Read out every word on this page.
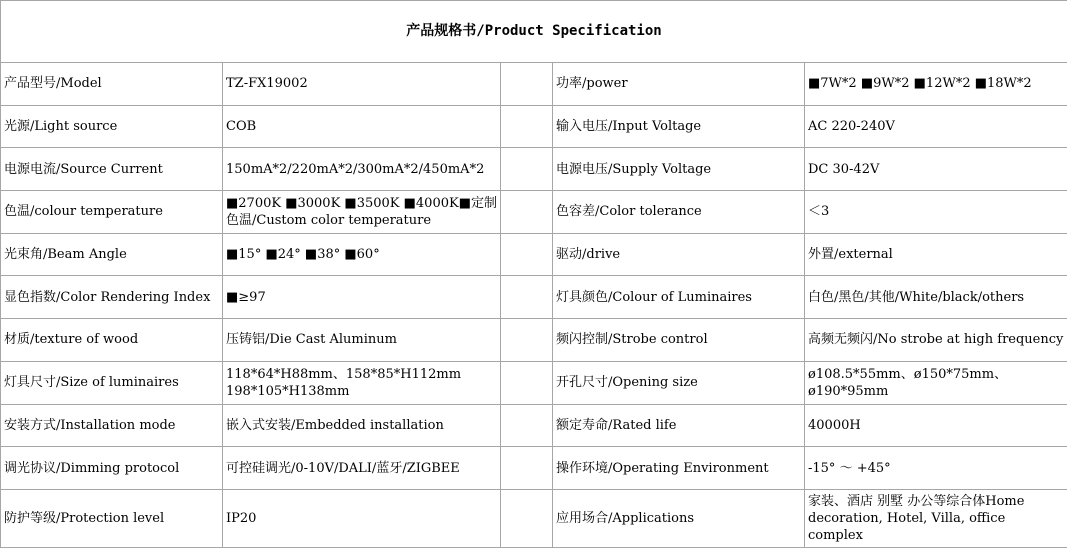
产品规格书/Product Specification				
产品型号/Model	TZ-FX19002		功率/power	■7W*2 ■9W*2 ■12W*2 ■18W*2
光源/Light source	COB		输入电压/Input Voltage	AC 220-240V
电源电流/Source Current	150mA*2/220mA*2/300mA*2/450mA*2		电源电压/Supply Voltage	DC 30-42V
色温/colour temperature	■2700K ■3000K ■3500K ■4000K■定制色温/Custom color temperature		色容差/Color tolerance	＜3
光束角/Beam Angle	■15° ■24° ■38° ■60°		驱动/drive	外置/external
显色指数/Color Rendering Index	■≥97		灯具颜色/Colour of Luminaires	白色/黑色/其他/White/black/others
材质/texture of wood	压铸铝/Die Cast Aluminum		频闪控制/Strobe control	高频无频闪/No strobe at high frequency
灯具尺寸/Size of luminaires	118*64*H88mm、158*85*H112mm 198*105*H138mm		开孔尺寸/Opening size	ø108.5*55mm、ø150*75mm、ø190*95mm
安装方式/Installation mode	嵌入式安装/Embedded installation		额定寿命/Rated life	40000H
调光协议/Dimming protocol	可控硅调光/0-10V/DALI/蓝牙/ZIGBEE		操作环境/Operating Environment	-15° ～ +45°
防护等级/Protection level	IP20		应用场合/Applications	家装、酒店 别墅 办公等综合体Home decoration, Hotel, Villa, office complex
